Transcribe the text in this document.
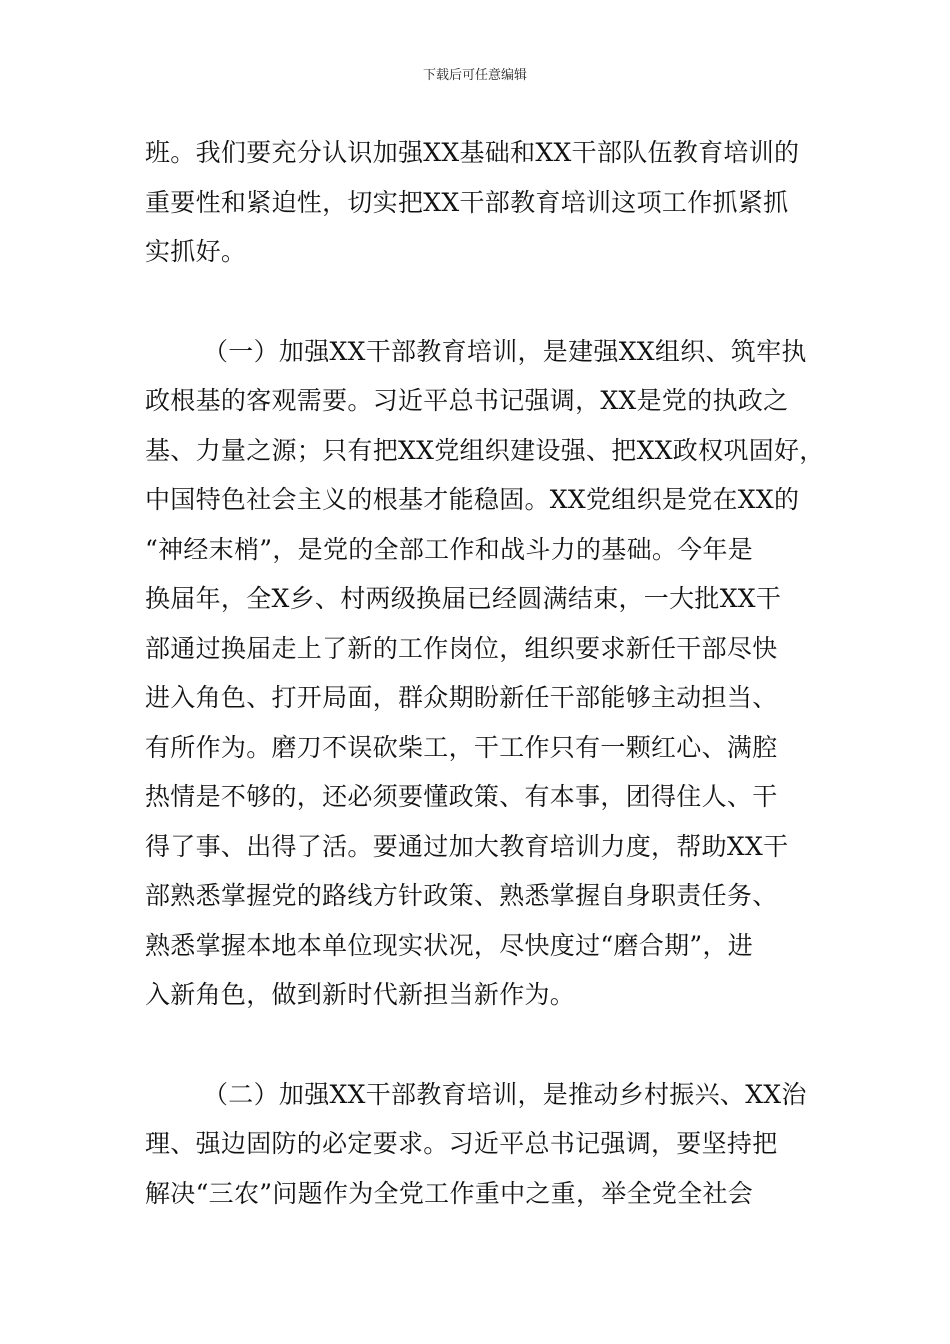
下载后可任意编辑
班。我们要充分认识加强XX基础和XX干部队伍教育培训的
重要性和紧迫性，切实把XX干部教育培训这项工作抓紧抓
实抓好。
（一）加强XX干部教育培训，是建强XX组织、筑牢执
政根基的客观需要。习近平总书记强调，XX是党的执政之
基、力量之源；只有把XX党组织建设强、把XX政权巩固好，
中国特色社会主义的根基才能稳固。XX党组织是党在XX的
“神经末梢”，是党的全部工作和战斗力的基础。今年是
换届年，全X乡、村两级换届已经圆满结束，一大批XX干
部通过换届走上了新的工作岗位，组织要求新任干部尽快
进入角色、打开局面，群众期盼新任干部能够主动担当、
有所作为。磨刀不误砍柴工，干工作只有一颗红心、满腔
热情是不够的，还必须要懂政策、有本事，团得住人、干
得了事、出得了活。要通过加大教育培训力度，帮助XX干
部熟悉掌握党的路线方针政策、熟悉掌握自身职责任务、
熟悉掌握本地本单位现实状况，尽快度过“磨合期”，进
入新角色，做到新时代新担当新作为。
（二）加强XX干部教育培训，是推动乡村振兴、XX治
理、强边固防的必定要求。习近平总书记强调，要坚持把
解决“三农”问题作为全党工作重中之重，举全党全社会
